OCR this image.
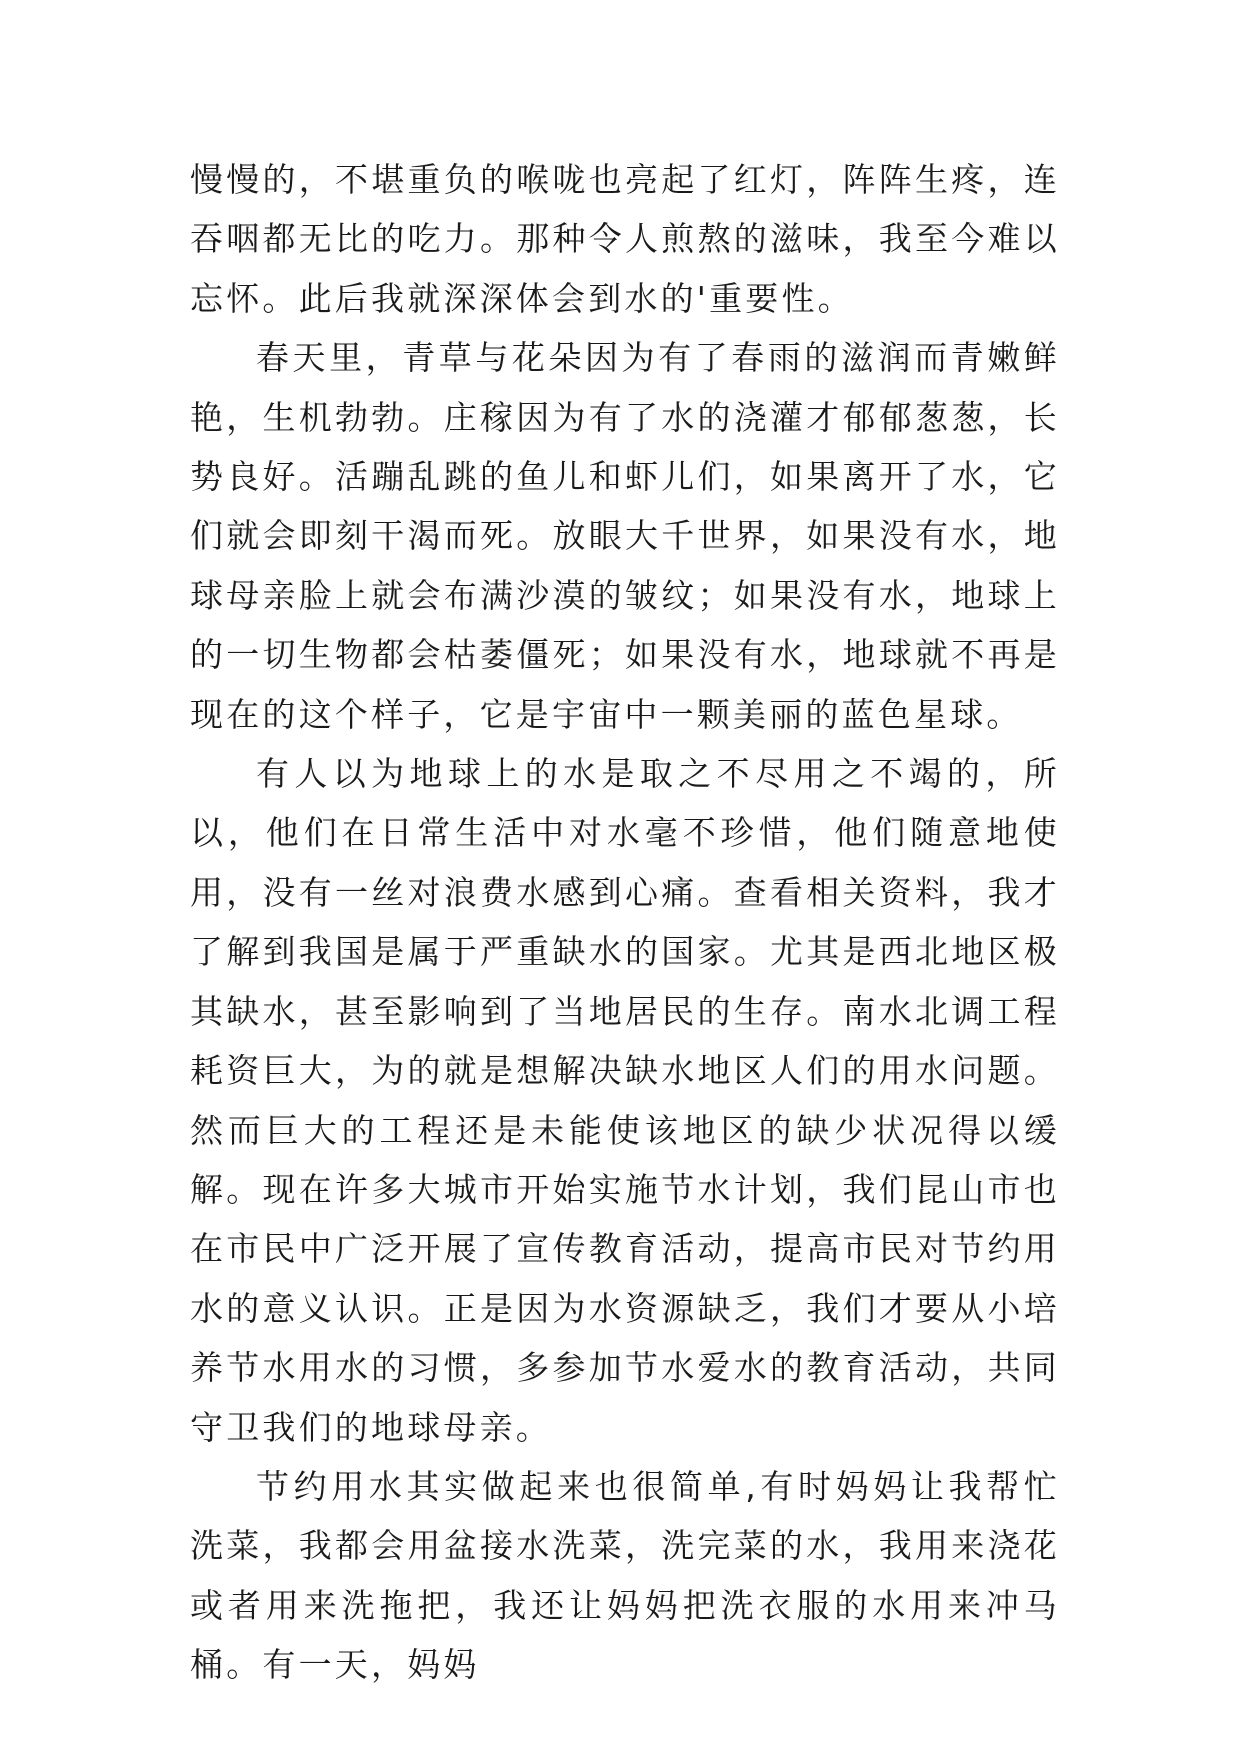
慢慢的，不堪重负的喉咙也亮起了红灯，阵阵生疼，连吞咽都无比的吃力。那种令人煎熬的滋味，我至今难以忘怀。此后我就深深体会到水的'重要性。

春天里，青草与花朵因为有了春雨的滋润而青嫩鲜艳，生机勃勃。庄稼因为有了水的浇灌才郁郁葱葱，长势良好。活蹦乱跳的鱼儿和虾儿们，如果离开了水，它们就会即刻干渴而死。放眼大千世界，如果没有水，地球母亲脸上就会布满沙漠的皱纹；如果没有水，地球上的一切生物都会枯萎僵死；如果没有水，地球就不再是现在的这个样子，它是宇宙中一颗美丽的蓝色星球。

有人以为地球上的水是取之不尽用之不竭的，所以，他们在日常生活中对水毫不珍惜，他们随意地使用，没有一丝对浪费水感到心痛。查看相关资料，我才了解到我国是属于严重缺水的国家。尤其是西北地区极其缺水，甚至影响到了当地居民的生存。南水北调工程耗资巨大，为的就是想解决缺水地区人们的用水问题。然而巨大的工程还是未能使该地区的缺少状况得以缓解。现在许多大城市开始实施节水计划，我们昆山市也在市民中广泛开展了宣传教育活动，提高市民对节约用水的意义认识。正是因为水资源缺乏，我们才要从小培养节水用水的习惯，多参加节水爱水的教育活动，共同守卫我们的地球母亲。

节约用水其实做起来也很简单,有时妈妈让我帮忙洗菜，我都会用盆接水洗菜，洗完菜的水，我用来浇花或者用来洗拖把，我还让妈妈把洗衣服的水用来冲马桶。有一天，妈妈
